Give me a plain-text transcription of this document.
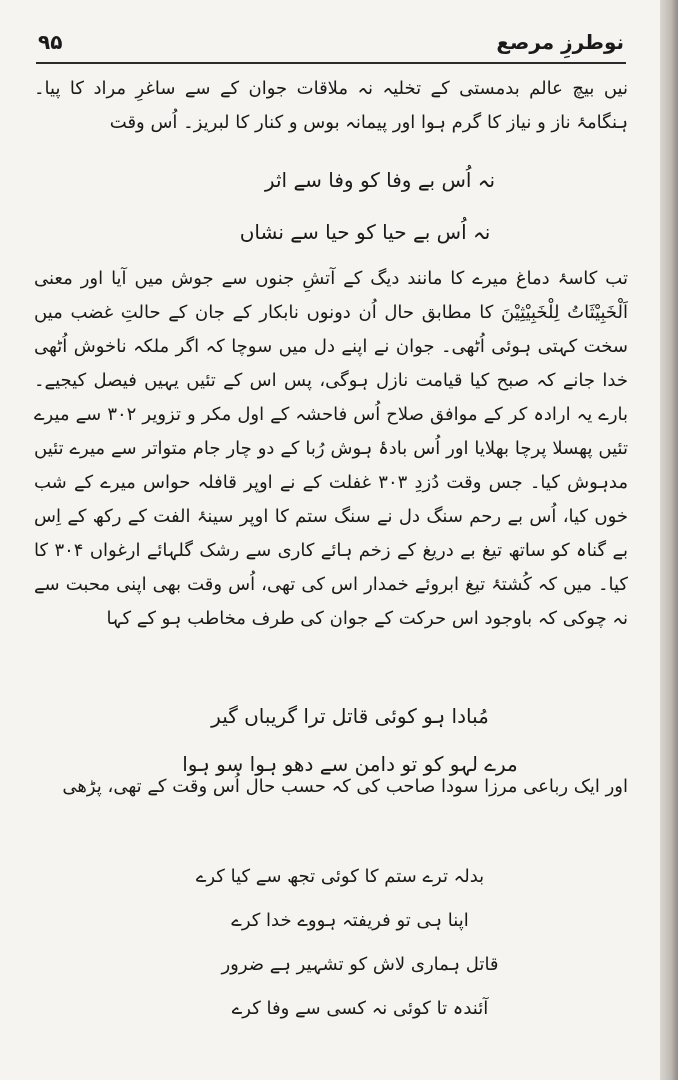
۹۵	نوطرزِ مرصع
نیں بیچ عالم بدمستی کے تخلیہ نہ ملاقات جوان کے سے ساغرِ مراد کا پیا۔ ہنگامۂ ناز و نیاز کا گرم ہوا اور پیمانہ بوس و کنار کا لبریز۔ اُس وقت
نہ اُس بے وفا کو وفا سے اثر
نہ اُس بے حیا کو حیا سے نشاں
تب کاسۂ دماغ میرے کا مانند دیگ کے آتشِ جنوں سے جوش میں آیا اور معنی اَلْخَبِیْثَاتُ لِلْخَبِیْثِیْنَ کا مطابق حال اُن دونوں نابکار کے جان کے حالتِ غضب میں سخت کہتی ہوئی اُٹھی۔ جوان نے اپنے دل میں سوچا کہ اگر ملکہ ناخوش اُٹھی خدا جانے کہ صبح کیا قیامت نازل ہوگی، پس اس کے تئیں یہیں فیصل کیجیے۔ بارے یہ ارادہ کر کے موافق صلاح اُس فاحشہ کے اول مکر و تزویر ۳۰۲ سے میرے تئیں پھسلا پرچا بھلایا اور اُس بادۂ ہوش رُبا کے دو چار جام متواتر سے میرے تئیں مدہوش کیا۔ جس وقت دُزدِ ۳۰۳ غفلت کے نے اوپر قافلہ حواس میرے کے شب خوں کیا، اُس بے رحم سنگ دل نے سنگ ستم کا اوپر سینۂ الفت کے رکھ کے اِس بے گناہ کو ساتھ تیغ بے دریغ کے زخم ہائے کاری سے رشک گلہائے ارغواں ۳۰۴ کا کیا۔ میں کہ کُشتۂ تیغ ابروئے خمدار اس کی تھی، اُس وقت بھی اپنی محبت سے نہ چوکی کہ باوجود اس حرکت کے جوان کی طرف مخاطب ہو کے کہا
مُبادا ہو کوئی قاتل ترا گریباں گیر
مرے لہو کو تو دامن سے دھو ہوا سو ہوا
اور ایک رباعی مرزا سودا صاحب کی کہ حسب حال اُس وقت کے تھی، پڑھی
بدلہ ترے ستم کا کوئی تجھ سے کیا کرے
اپنا ہی تو فریفتہ ہووے خدا کرے
قاتل ہماری لاش کو تشہیر ہے ضرور
آئندہ تا کوئی نہ کسی سے وفا کرے
